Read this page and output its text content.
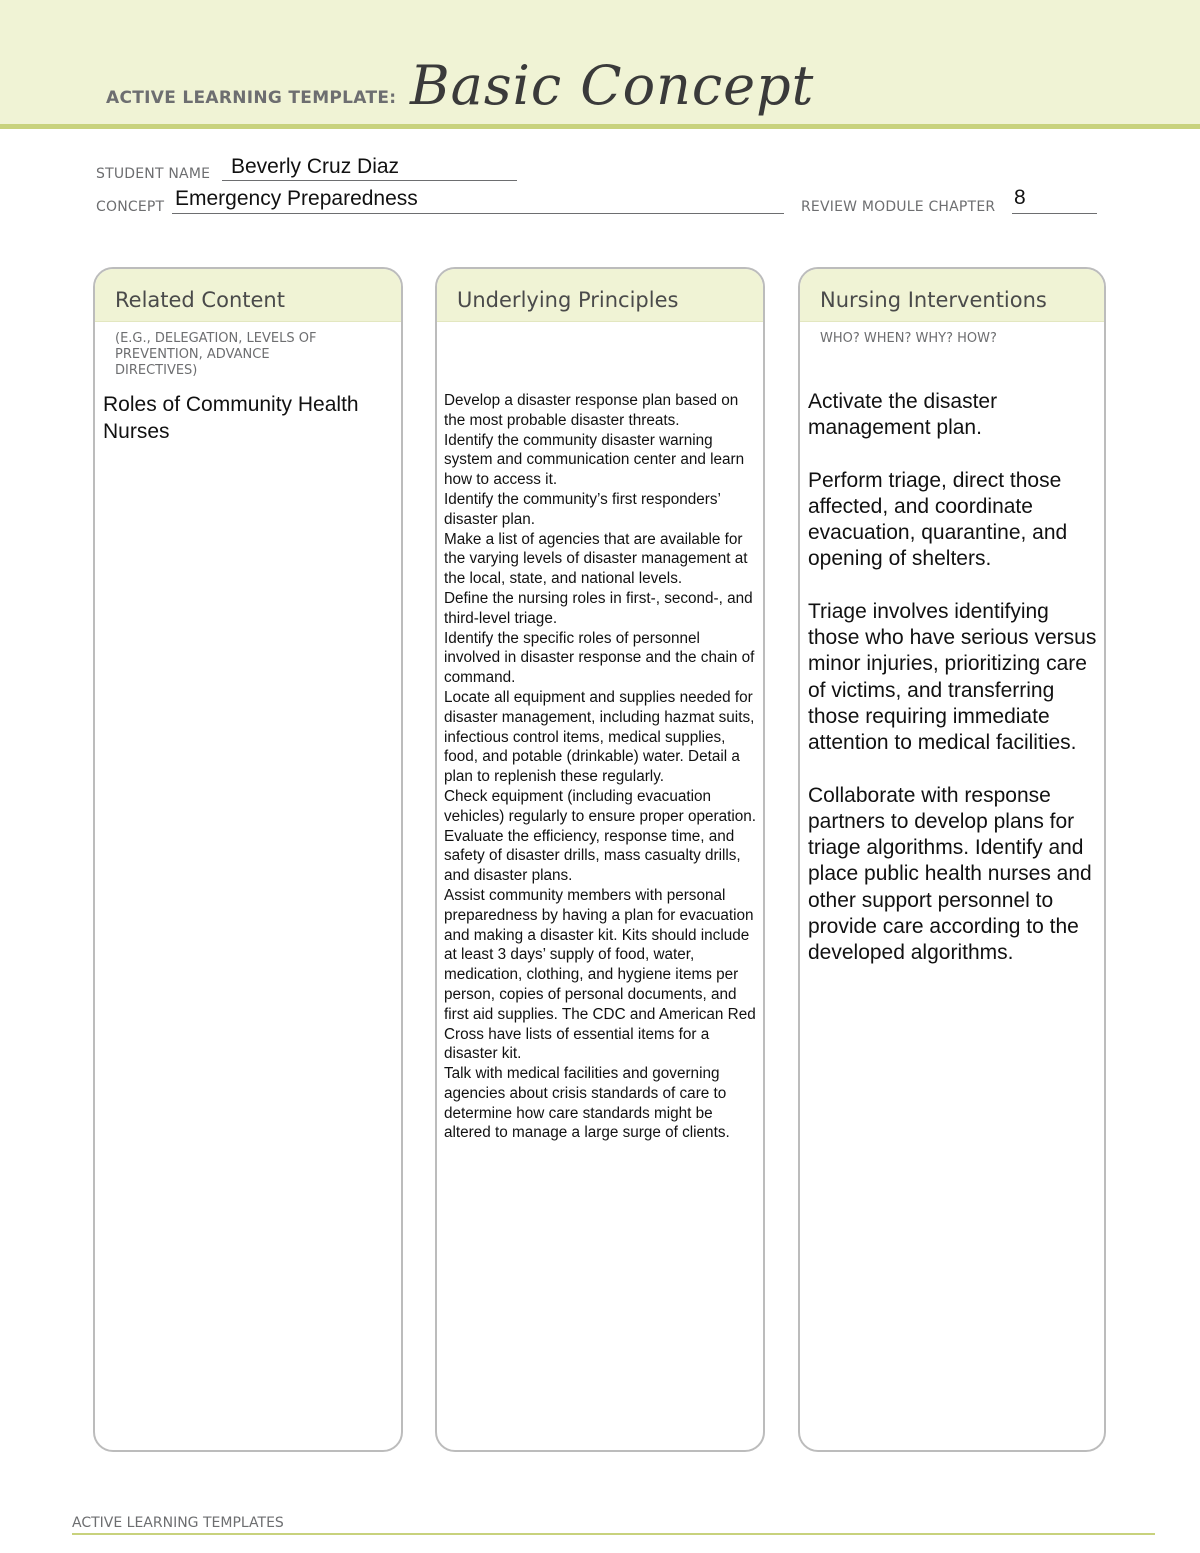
ACTIVE LEARNING TEMPLATE: Basic Concept
STUDENT NAME Beverly Cruz Diaz
CONCEPT Emergency Preparedness	REVIEW MODULE CHAPTER 8
Related Content
(E.G., DELEGATION, LEVELS OF PREVENTION, ADVANCE DIRECTIVES)
Roles of Community Health Nurses
Underlying Principles
Develop a disaster response plan based on the most probable disaster threats.
Identify the community disaster warning system and communication center and learn how to access it.
Identify the community’s first responders’ disaster plan.
Make a list of agencies that are available for the varying levels of disaster management at the local, state, and national levels.
Define the nursing roles in first-, second-, and third-level triage.
Identify the specific roles of personnel involved in disaster response and the chain of command.
Locate all equipment and supplies needed for disaster management, including hazmat suits, infectious control items, medical supplies, food, and potable (drinkable) water. Detail a plan to replenish these regularly.
Check equipment (including evacuation vehicles) regularly to ensure proper operation.
Evaluate the efficiency, response time, and safety of disaster drills, mass casualty drills, and disaster plans.
Assist community members with personal preparedness by having a plan for evacuation and making a disaster kit. Kits should include at least 3 days’ supply of food, water, medication, clothing, and hygiene items per person, copies of personal documents, and first aid supplies. The CDC and American Red Cross have lists of essential items for a disaster kit.
Talk with medical facilities and governing agencies about crisis standards of care to determine how care standards might be altered to manage a large surge of clients.
Nursing Interventions
WHO? WHEN? WHY? HOW?

Activate the disaster management plan.

Perform triage, direct those affected, and coordinate evacuation, quarantine, and opening of shelters.

Triage involves identifying those who have serious versus minor injuries, prioritizing care of victims, and transferring those requiring immediate attention to medical facilities.

Collaborate with response partners to develop plans for triage algorithms. Identify and place public health nurses and other support personnel to provide care according to the developed algorithms.

ACTIVE LEARNING TEMPLATES
